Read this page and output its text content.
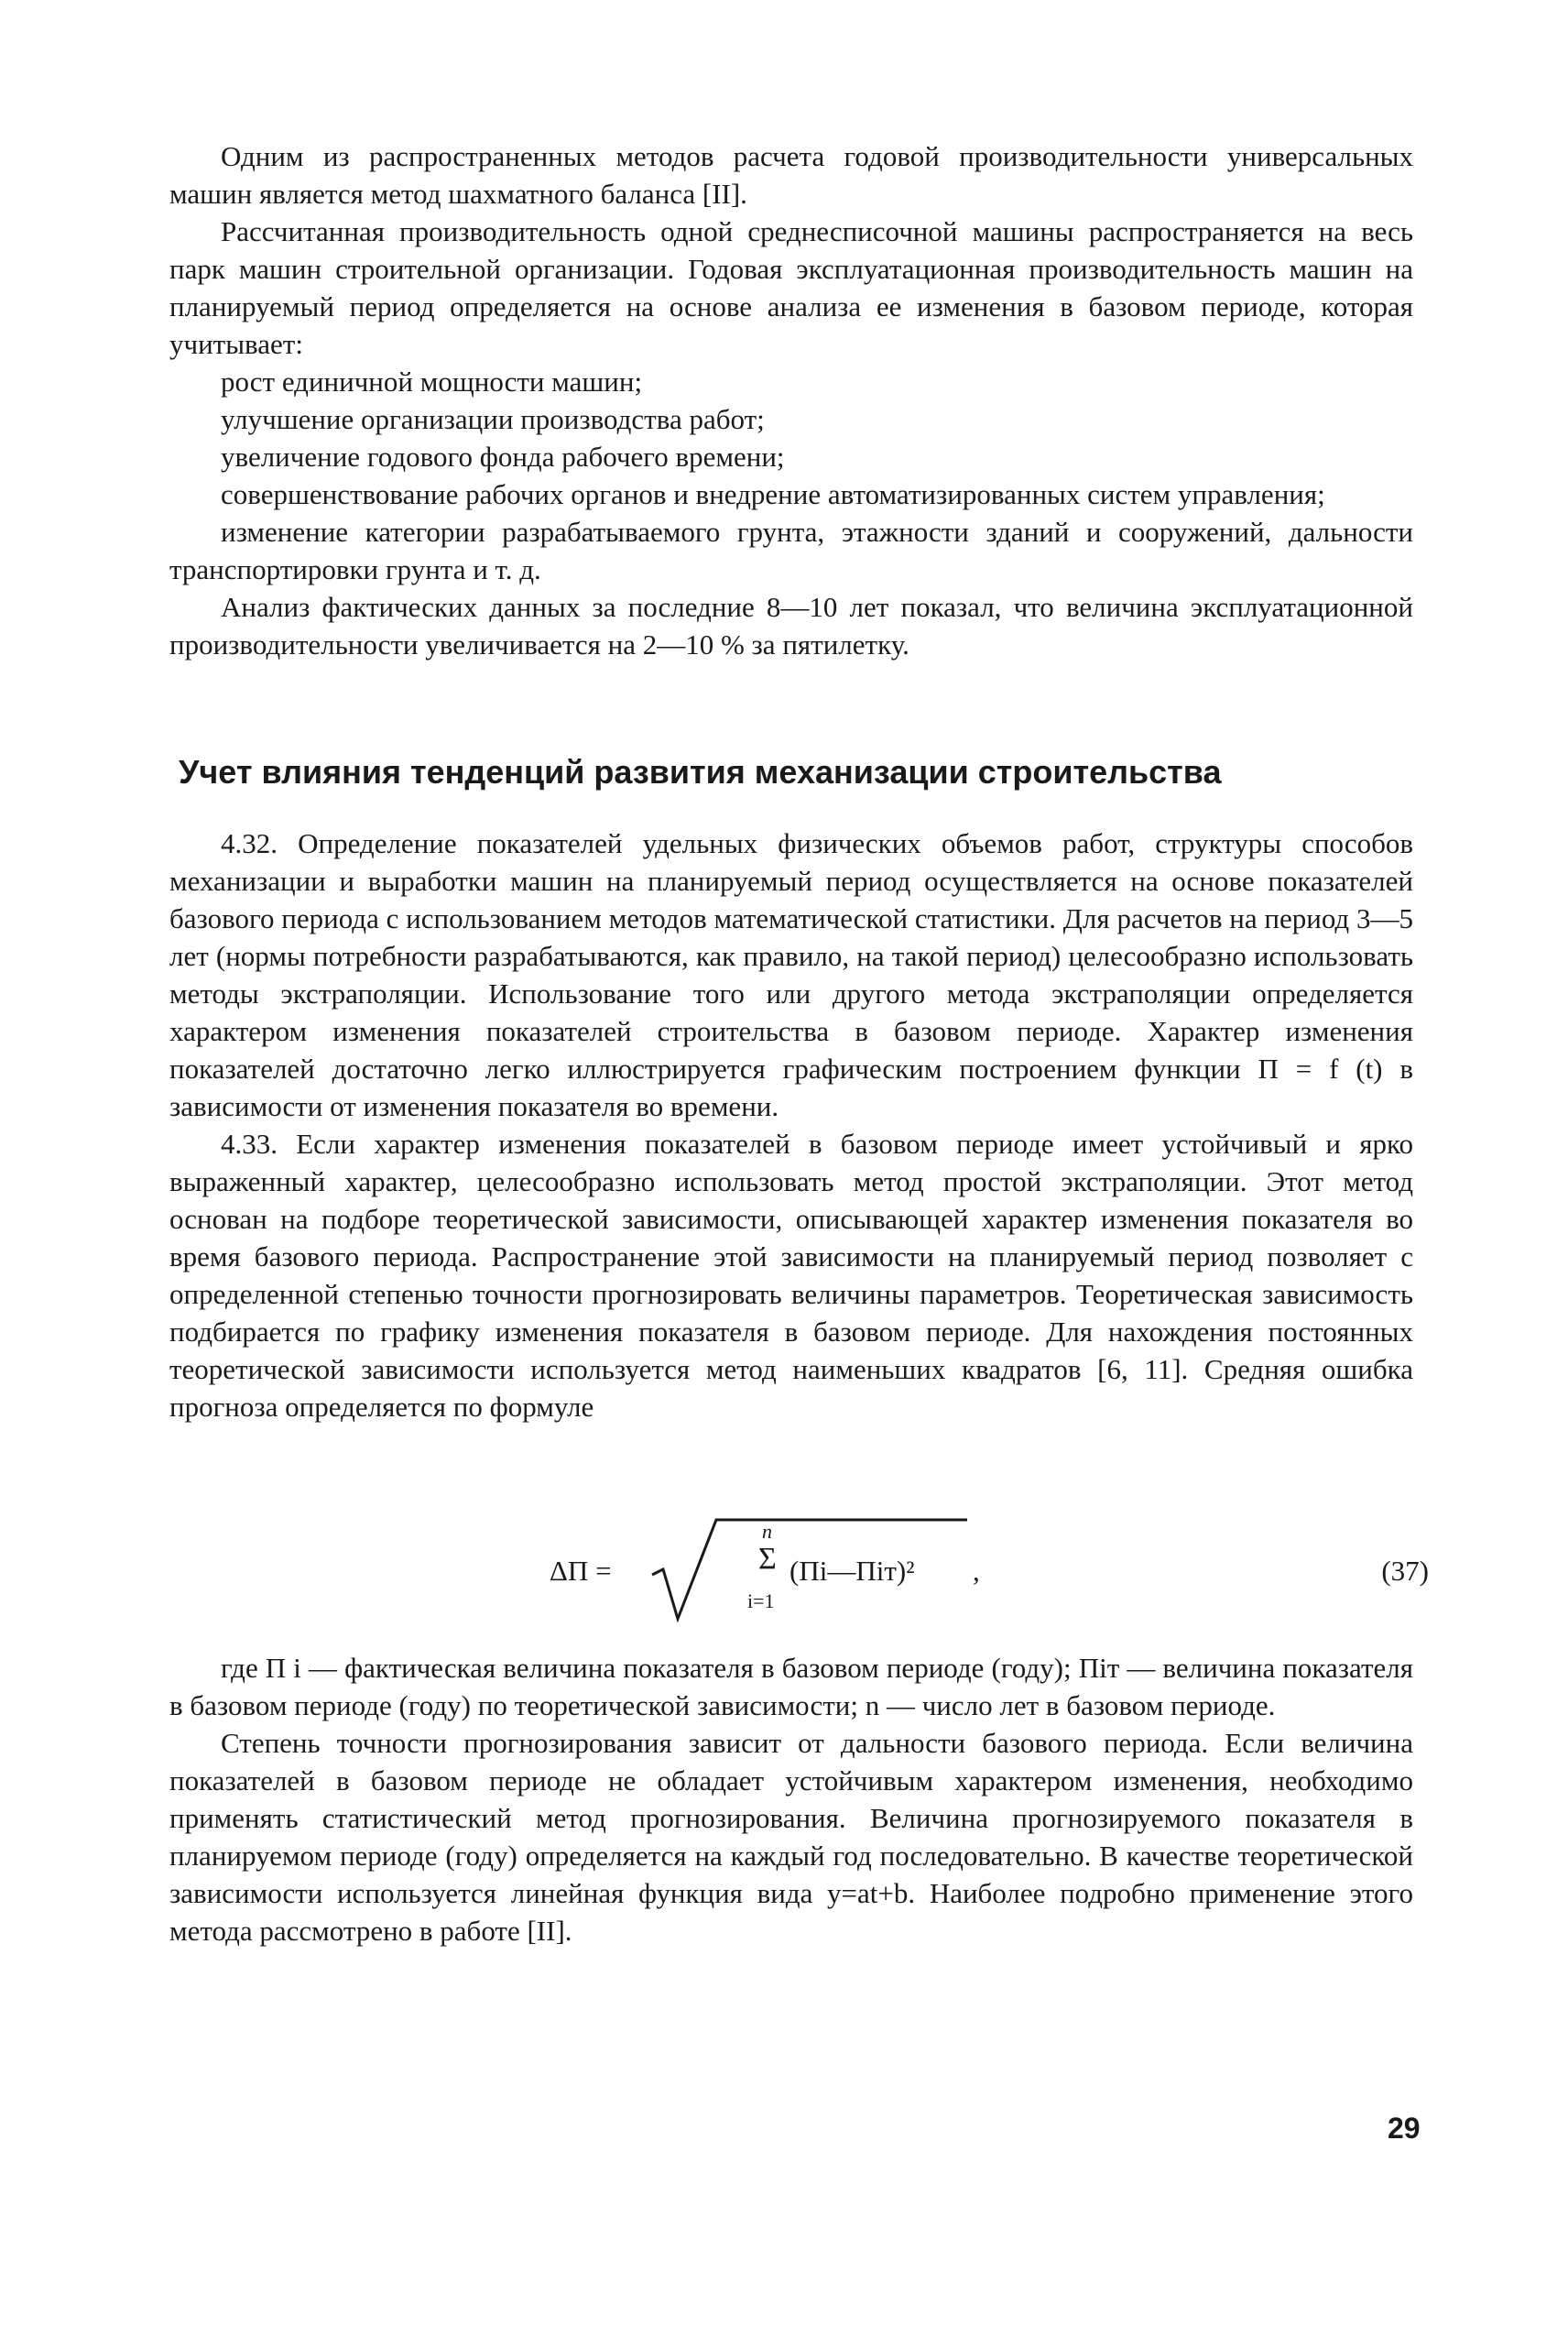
Одним из распространенных методов расчета годовой производительности универсальных машин является метод шахматного баланса [II].

Рассчитанная производительность одной среднесписочной машины распространяется на весь парк машин строительной организации. Годовая эксплуатационная производительность машин на планируемый период определяется на основе анализа ее изменения в базовом периоде, которая учитывает:

рост единичной мощности машин;

улучшение организации производства работ;

увеличение годового фонда рабочего времени;

совершенствование рабочих органов и внедрение автоматизированных систем управления;

изменение категории разрабатываемого грунта, этажности зданий и сооружений, дальности транспортировки грунта и т. д.

Анализ фактических данных за последние 8—10 лет показал, что величина эксплуатационной производительности увеличивается на 2—10 % за пятилетку.

Учет влияния тенденций развития механизации строительства

4.32. Определение показателей удельных физических объемов работ, структуры способов механизации и выработки машин на планируемый период осуществляется на основе показателей базового периода с использованием методов математической статистики. Для расчетов на период 3—5 лет (нормы потребности разрабатываются, как правило, на такой период) целесообразно использовать методы экстраполяции. Использование того или другого метода экстраполяции определяется характером изменения показателей строительства в базовом периоде. Характер изменения показателей достаточно легко иллюстрируется графическим построением функции П = f (t) в зависимости от изменения показателя во времени.

4.33. Если характер изменения показателей в базовом периоде имеет устойчивый и ярко выраженный характер, целесообразно использовать метод простой экстраполяции. Этот метод основан на подборе теоретической зависимости, описывающей характер изменения показателя во время базового периода. Распространение этой зависимости на планируемый период позволяет с определенной степенью точности прогнозировать величины параметров. Теоретическая зависимость подбирается по графику изменения показателя в базовом периоде. Для нахождения постоянных теоретической зависимости используется метод наименьших квадратов [6, 11]. Средняя ошибка прогноза определяется по формуле

ΔП =
n
Σ
i=1
(Пi—Пiт)² ,	(37)

где П i — фактическая величина показателя в базовом периоде (году); Пiт — величина показателя в базовом периоде (году) по теоретической зависимости; n — число лет в базовом периоде.

Степень точности прогнозирования зависит от дальности базового периода. Если величина показателей в базовом периоде не обладает устойчивым характером изменения, необходимо применять статистический метод прогнозирования. Величина прогнозируемого показателя в планируемом периоде (году) определяется на каждый год последовательно. В качестве теоретической зависимости используется линейная функция вида y=at+b. Наиболее подробно применение этого метода рассмотрено в работе [II].

29
